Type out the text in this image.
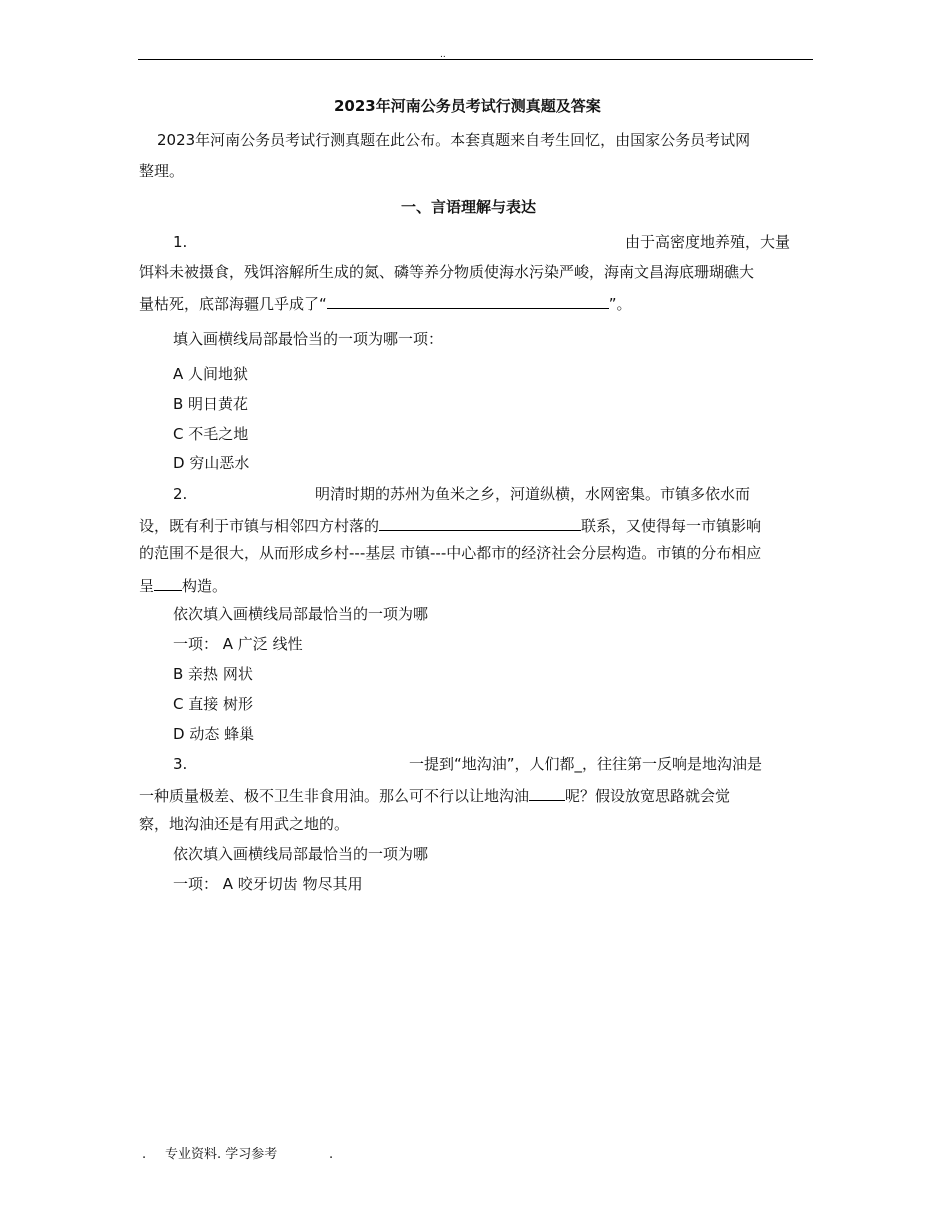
..
2023年河南公务员考试行测真题及答案
2023年河南公务员考试行测真题在此公布。本套真题来自考生回忆，由国家公务员考试网
整理。
一、言语理解与表达
1.	由于高密度地养殖，大量
饵料未被摄食，残饵溶解所生成的氮、磷等养分物质使海水污染严峻，海南文昌海底珊瑚礁大
量枯死，底部海疆几乎成了“	”。
填入画横线局部最恰当的一项为哪一项：
A 人间地狱
B 明日黄花
C 不毛之地
D 穷山恶水
2.	明清时期的苏州为鱼米之乡，河道纵横，水网密集。市镇多依水而
设，既有利于市镇与相邻四方村落的	联系，又使得每一市镇影响
的范围不是很大，从而形成乡村---基层 市镇---中心都市的经济社会分层构造。市镇的分布相应
呈 构造。
依次填入画横线局部最恰当的一项为哪
一项： A 广泛 线性
B 亲热 网状
C 直接 树形
D 动态 蜂巢
3.	一提到“地沟油”，人们都_，往往第一反响是地沟油是
一种质量极差、极不卫生非食用油。那么可不行以让地沟油 呢？假设放宽思路就会觉
察，地沟油还是有用武之地的。
依次填入画横线局部最恰当的一项为哪
一项： A 咬牙切齿 物尽其用
. 专业资料. 学习参考	.
